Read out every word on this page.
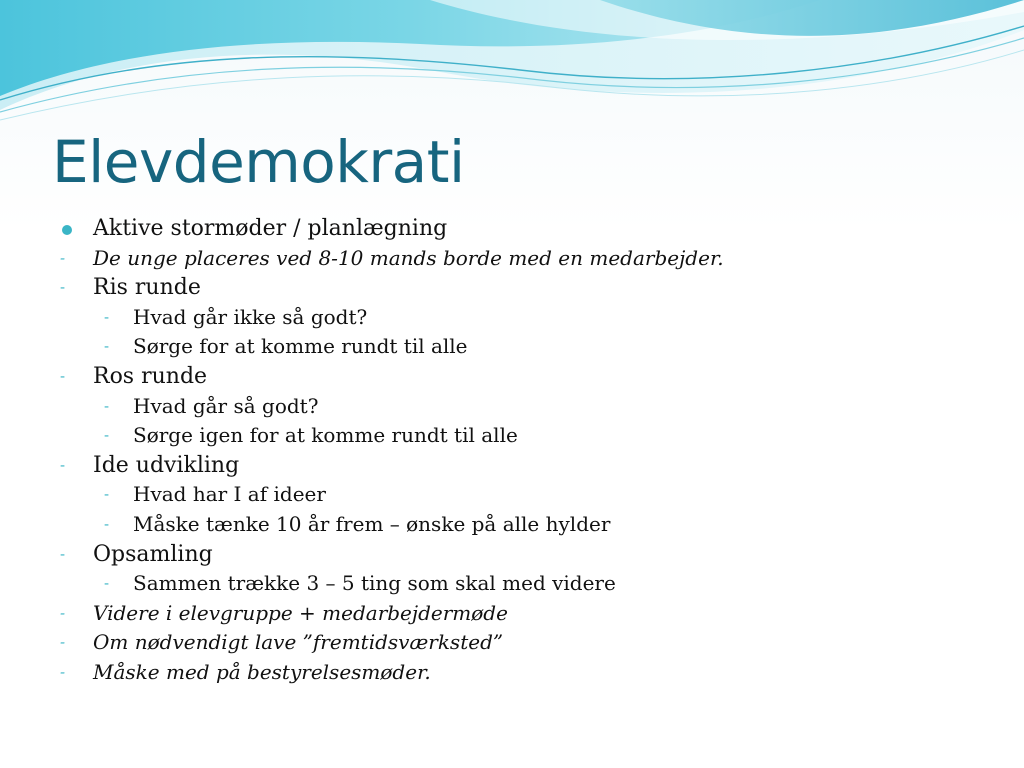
Elevdemokrati
Aktive stormøder / planlægning
- De unge placeres ved 8-10 mands borde med en medarbejder.
- Ris runde
- Hvad går ikke så godt?
- Sørge for at komme rundt til alle
- Ros runde
- Hvad går så godt?
- Sørge igen for at komme rundt til alle
- Ide udvikling
- Hvad har I af ideer
- Måske tænke 10 år frem – ønske på alle hylder
- Opsamling
- Sammen trække 3 – 5 ting som skal med videre
- Videre i elevgruppe + medarbejdermøde
- Om nødvendigt lave ”fremtidsværksted”
- Måske med på bestyrelsesmøder.
